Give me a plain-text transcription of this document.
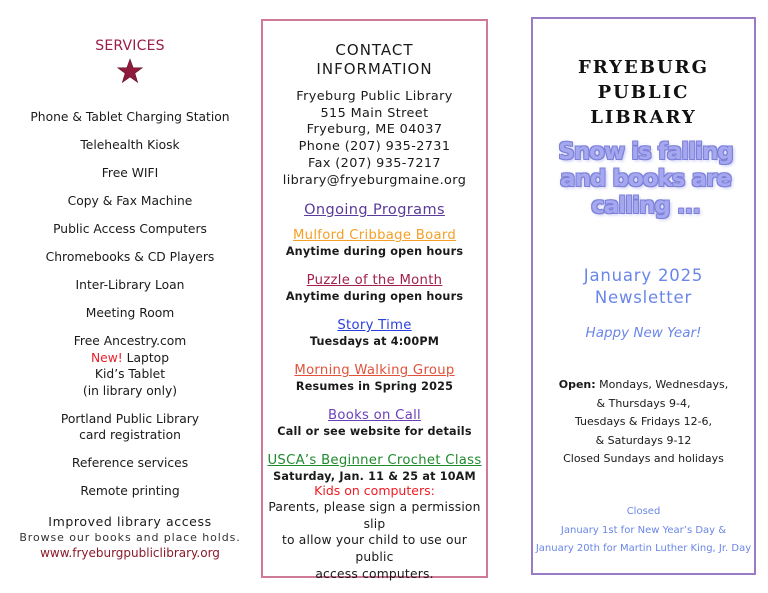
SERVICES
Phone & Tablet Charging Station
Telehealth Kiosk
Free WIFI
Copy & Fax Machine
Public Access Computers
Chromebooks & CD Players
Inter-Library Loan
Meeting Room
Free Ancestry.com
New! Laptop
Kid’s Tablet
(in library only)
Portland Public Library
card registration
Reference services
Remote printing
Improved library access
Browse our books and place holds.
www.fryeburgpubliclibrary.org
CONTACT
INFORMATION
Fryeburg Public Library
515 Main Street
Fryeburg, ME 04037
Phone (207) 935-2731
Fax (207) 935-7217
library@fryeburgmaine.org
Ongoing Programs
Mulford Cribbage Board
Anytime during open hours
Puzzle of the Month
Anytime during open hours
Story Time
Tuesdays at 4:00PM
Morning Walking Group
Resumes in Spring 2025
Books on Call
Call or see website for details
USCA’s Beginner Crochet Class
Saturday, Jan. 11 & 25 at 10AM
Kids on computers:
Parents, please sign a permission slip
to allow your child to use our public
access computers.
FRYEBURG
PUBLIC
LIBRARY
Snow is falling
and books are
calling ...
January 2025
Newsletter
Happy New Year!
Open: Mondays, Wednesdays,
& Thursdays 9-4,
Tuesdays & Fridays 12-6,
& Saturdays 9-12
Closed Sundays and holidays
Closed
January 1st for New Year’s Day &
January 20th for Martin Luther King, Jr. Day
